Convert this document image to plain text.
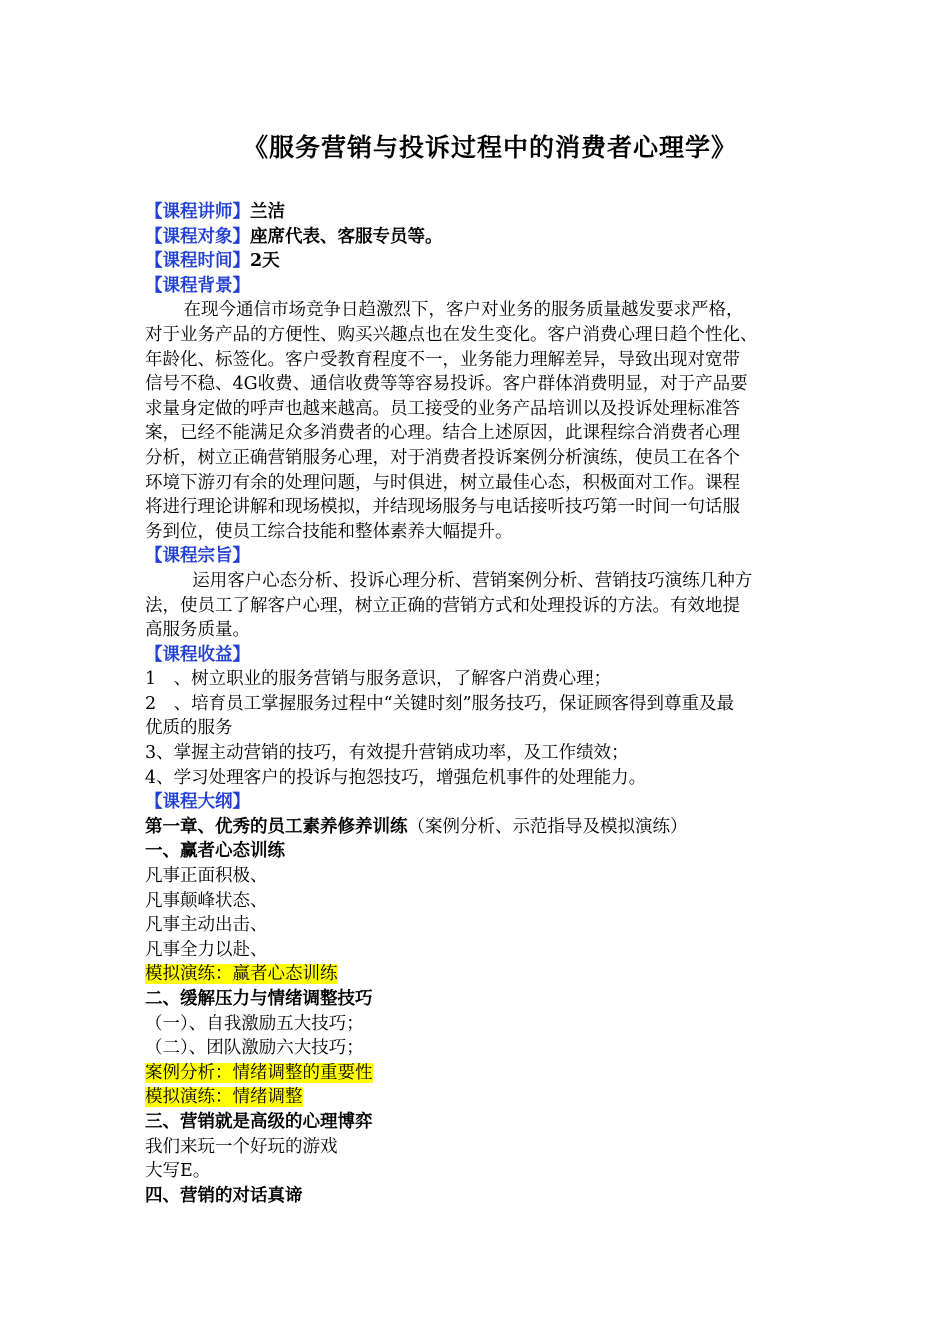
《服务营销与投诉过程中的消费者心理学》
【课程讲师】兰洁
【课程对象】座席代表、客服专员等。
【课程时间】2天
【课程背景】
在现今通信市场竞争日趋激烈下，客户对业务的服务质量越发要求严格，
对于业务产品的方便性、购买兴趣点也在发生变化。客户消费心理日趋个性化、
年龄化、标签化。客户受教育程度不一，业务能力理解差异，导致出现对宽带
信号不稳、4G收费、通信收费等等容易投诉。客户群体消费明显，对于产品要
求量身定做的呼声也越来越高。员工接受的业务产品培训以及投诉处理标准答
案，已经不能满足众多消费者的心理。结合上述原因，此课程综合消费者心理
分析，树立正确营销服务心理，对于消费者投诉案例分析演练，使员工在各个
环境下游刃有余的处理问题，与时俱进，树立最佳心态，积极面对工作。课程
将进行理论讲解和现场模拟，并结现场服务与电话接听技巧第一时间一句话服
务到位，使员工综合技能和整体素养大幅提升。
【课程宗旨】
运用客户心态分析、投诉心理分析、营销案例分析、营销技巧演练几种方
法，使员工了解客户心理，树立正确的营销方式和处理投诉的方法。有效地提
高服务质量。
【课程收益】
1　、树立职业的服务营销与服务意识，了解客户消费心理；
2　、培育员工掌握服务过程中“关键时刻”服务技巧，保证顾客得到尊重及最
优质的服务
3、掌握主动营销的技巧，有效提升营销成功率，及工作绩效；
4、学习处理客户的投诉与抱怨技巧，增强危机事件的处理能力。
【课程大纲】
第一章、优秀的员工素养修养训练（案例分析、示范指导及模拟演练）
一、赢者心态训练
凡事正面积极、
凡事颠峰状态、
凡事主动出击、
凡事全力以赴、
模拟演练：赢者心态训练
二、缓解压力与情绪调整技巧
（一）、自我激励五大技巧；
（二）、团队激励六大技巧；
案例分析：情绪调整的重要性
模拟演练：情绪调整
三、营销就是高级的心理博弈
我们来玩一个好玩的游戏
大写E。
四、营销的对话真谛
